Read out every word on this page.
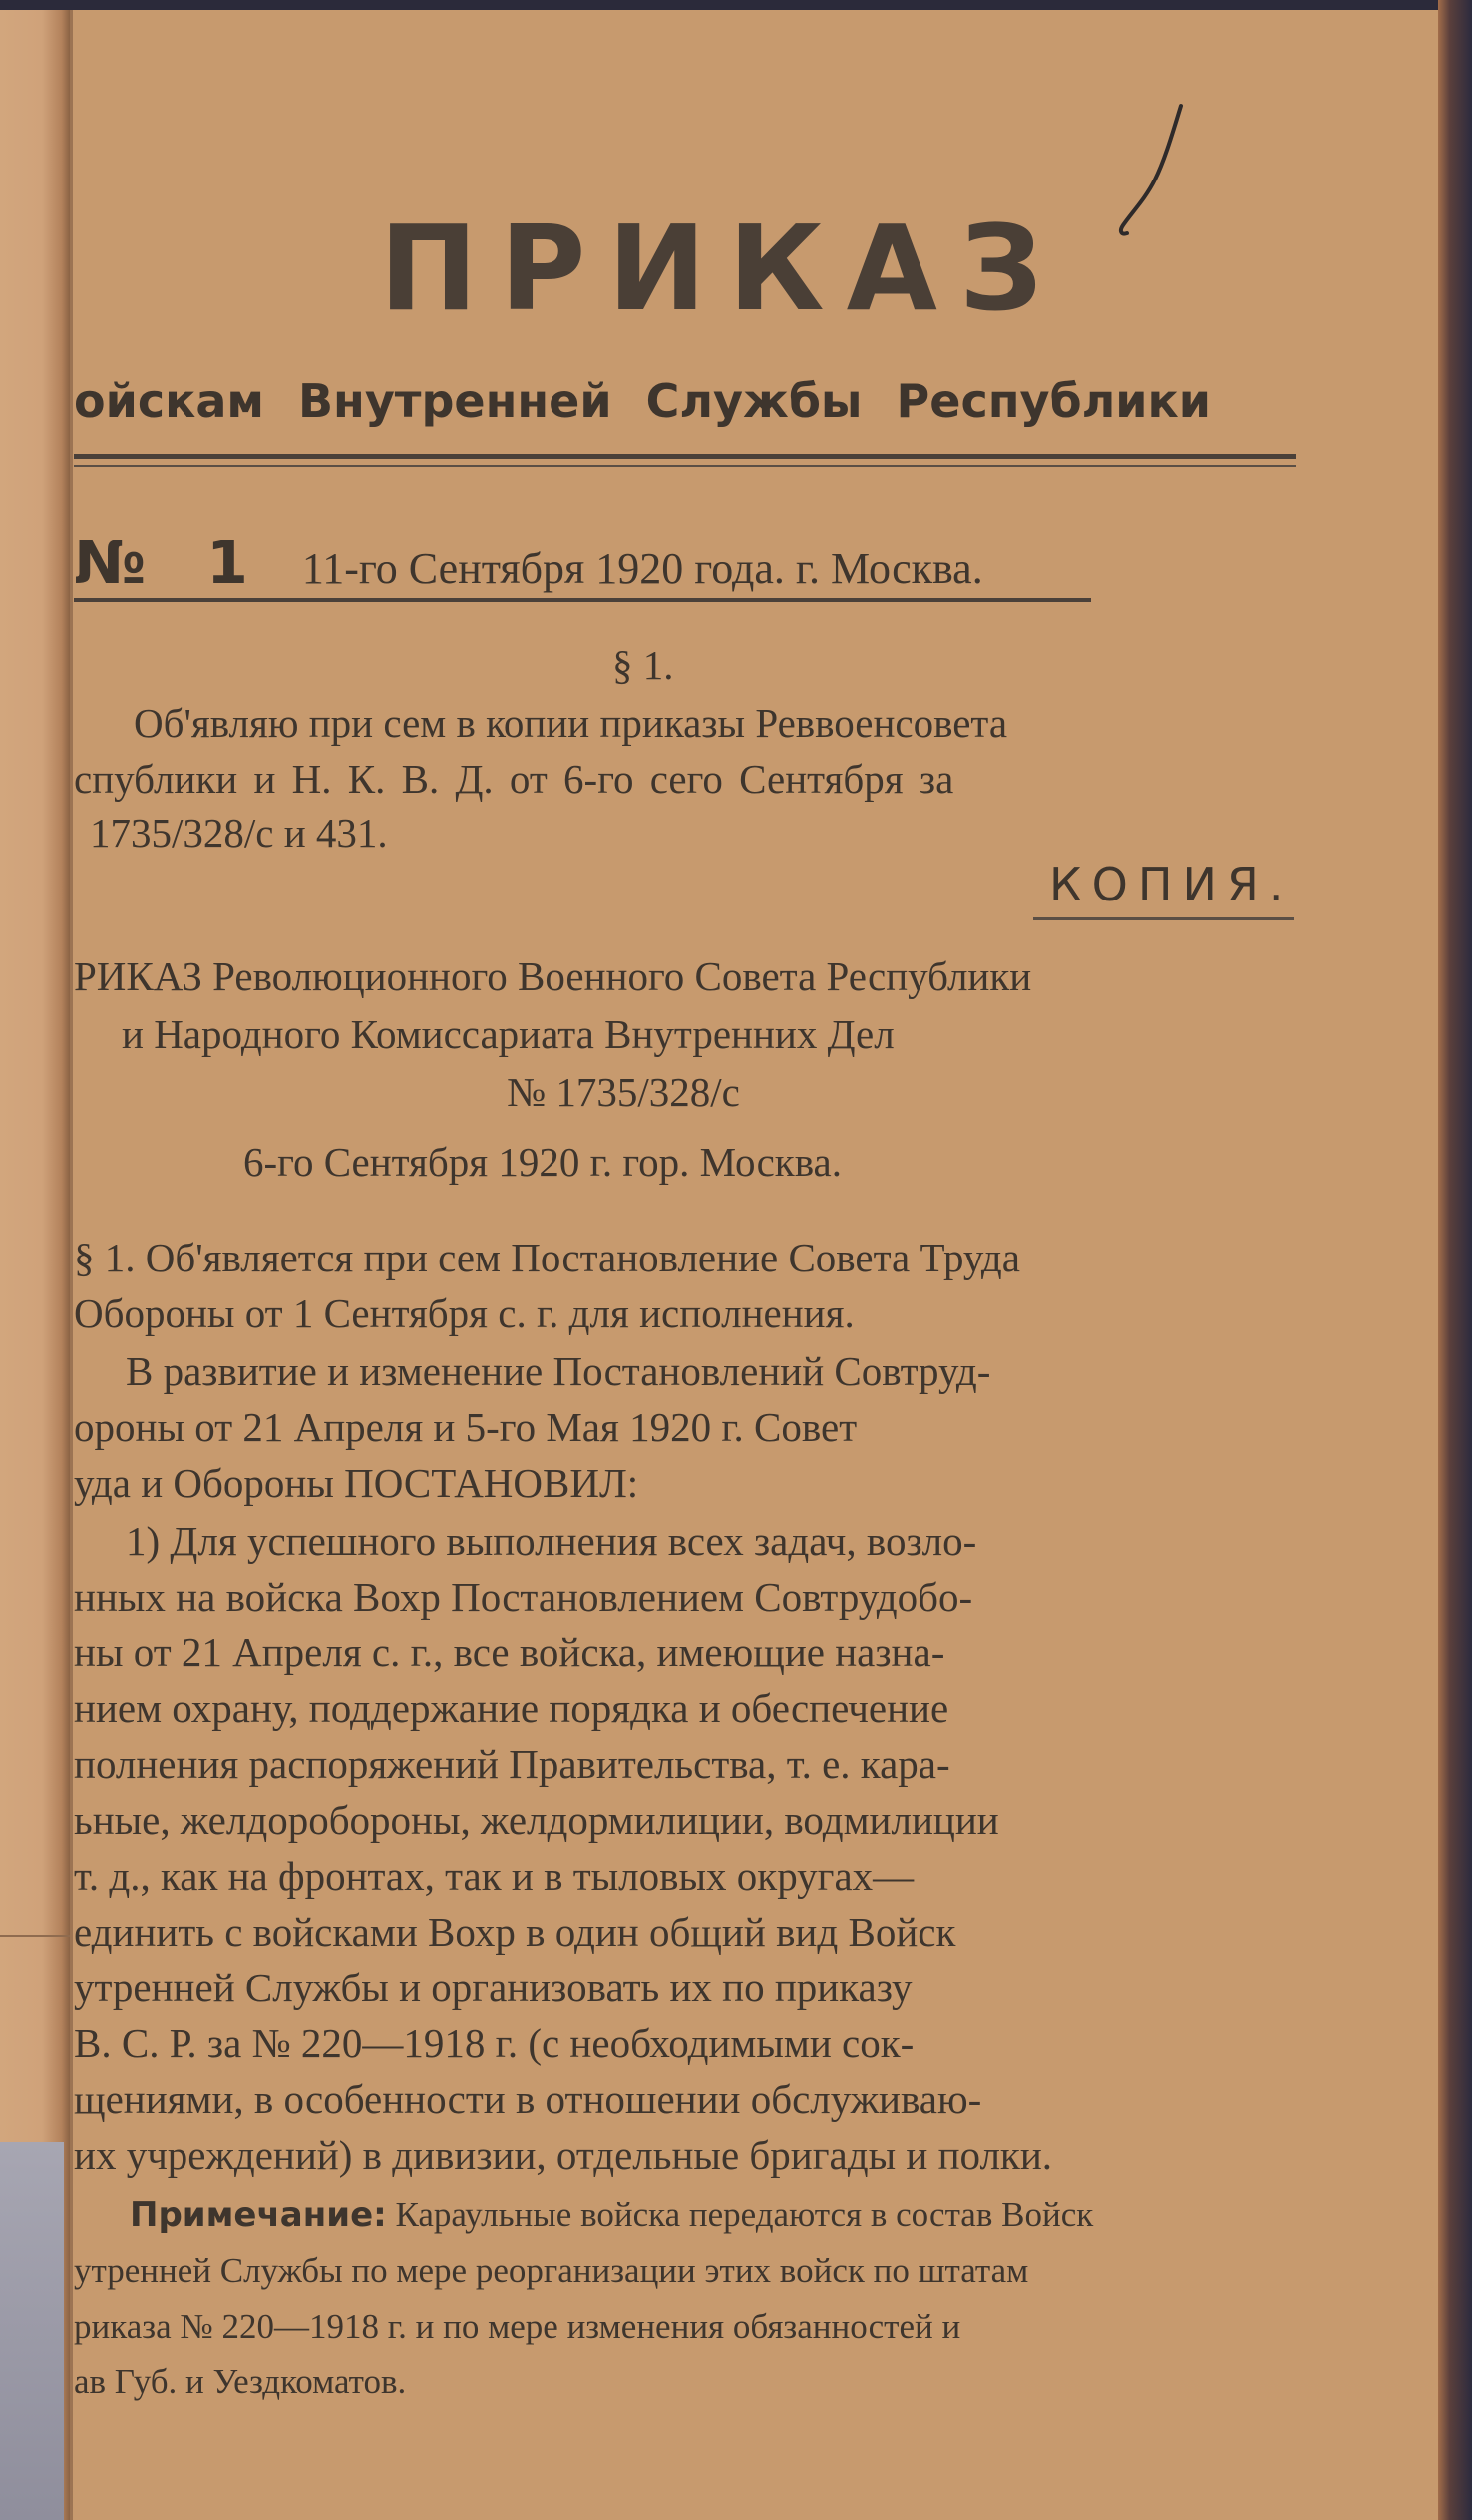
ПРИКАЗ
ойскам Внутренней Службы Республики
№ 1 11-го Сентября 1920 года. г. Москва.

§ 1.

Об'являю при сем в копии приказы Реввоенсовета

спублики и Н. К. В. Д. от 6-го сего Сентября за

1735/328/с и 431.

КОПИЯ.

РИКАЗ Революционного Военного Совета Республики

и Народного Комиссариата Внутренних Дел

№ 1735/328/с

6-го Сентября 1920 г. гор. Москва.

§ 1. Об'является при сем Постановление Совета Труда

Обороны от 1 Сентября с. г. для исполнения.

В развитие и изменение Постановлений Совтруд-

ороны от 21 Апреля и 5-го Мая 1920 г. Совет

уда и Обороны ПОСТАНОВИЛ:

1) Для успешного выполнения всех задач, возло-

нных на войска Вохр Постановлением Совтрудобо-

ны от 21 Апреля с. г., все войска, имеющие назна-

нием охрану, поддержание порядка и обеспечение

полнения распоряжений Правительства, т. е. кара-

ьные, желдоробороны, желдормилиции, водмилиции

т. д., как на фронтах, так и в тыловых округах—

единить с войсками Вохр в один общий вид Войск

утренней Службы и организовать их по приказу

В. С. Р. за № 220—1918 г. (с необходимыми сок-

щениями, в особенности в отношении обслуживаю-

их учреждений) в дивизии, отдельные бригады и полки.

Примечание: Караульные войска передаются в состав Войск

утренней Службы по мере реорганизации этих войск по штатам

риказа № 220—1918 г. и по мере изменения обязанностей и

ав Губ. и Уездкоматов.
